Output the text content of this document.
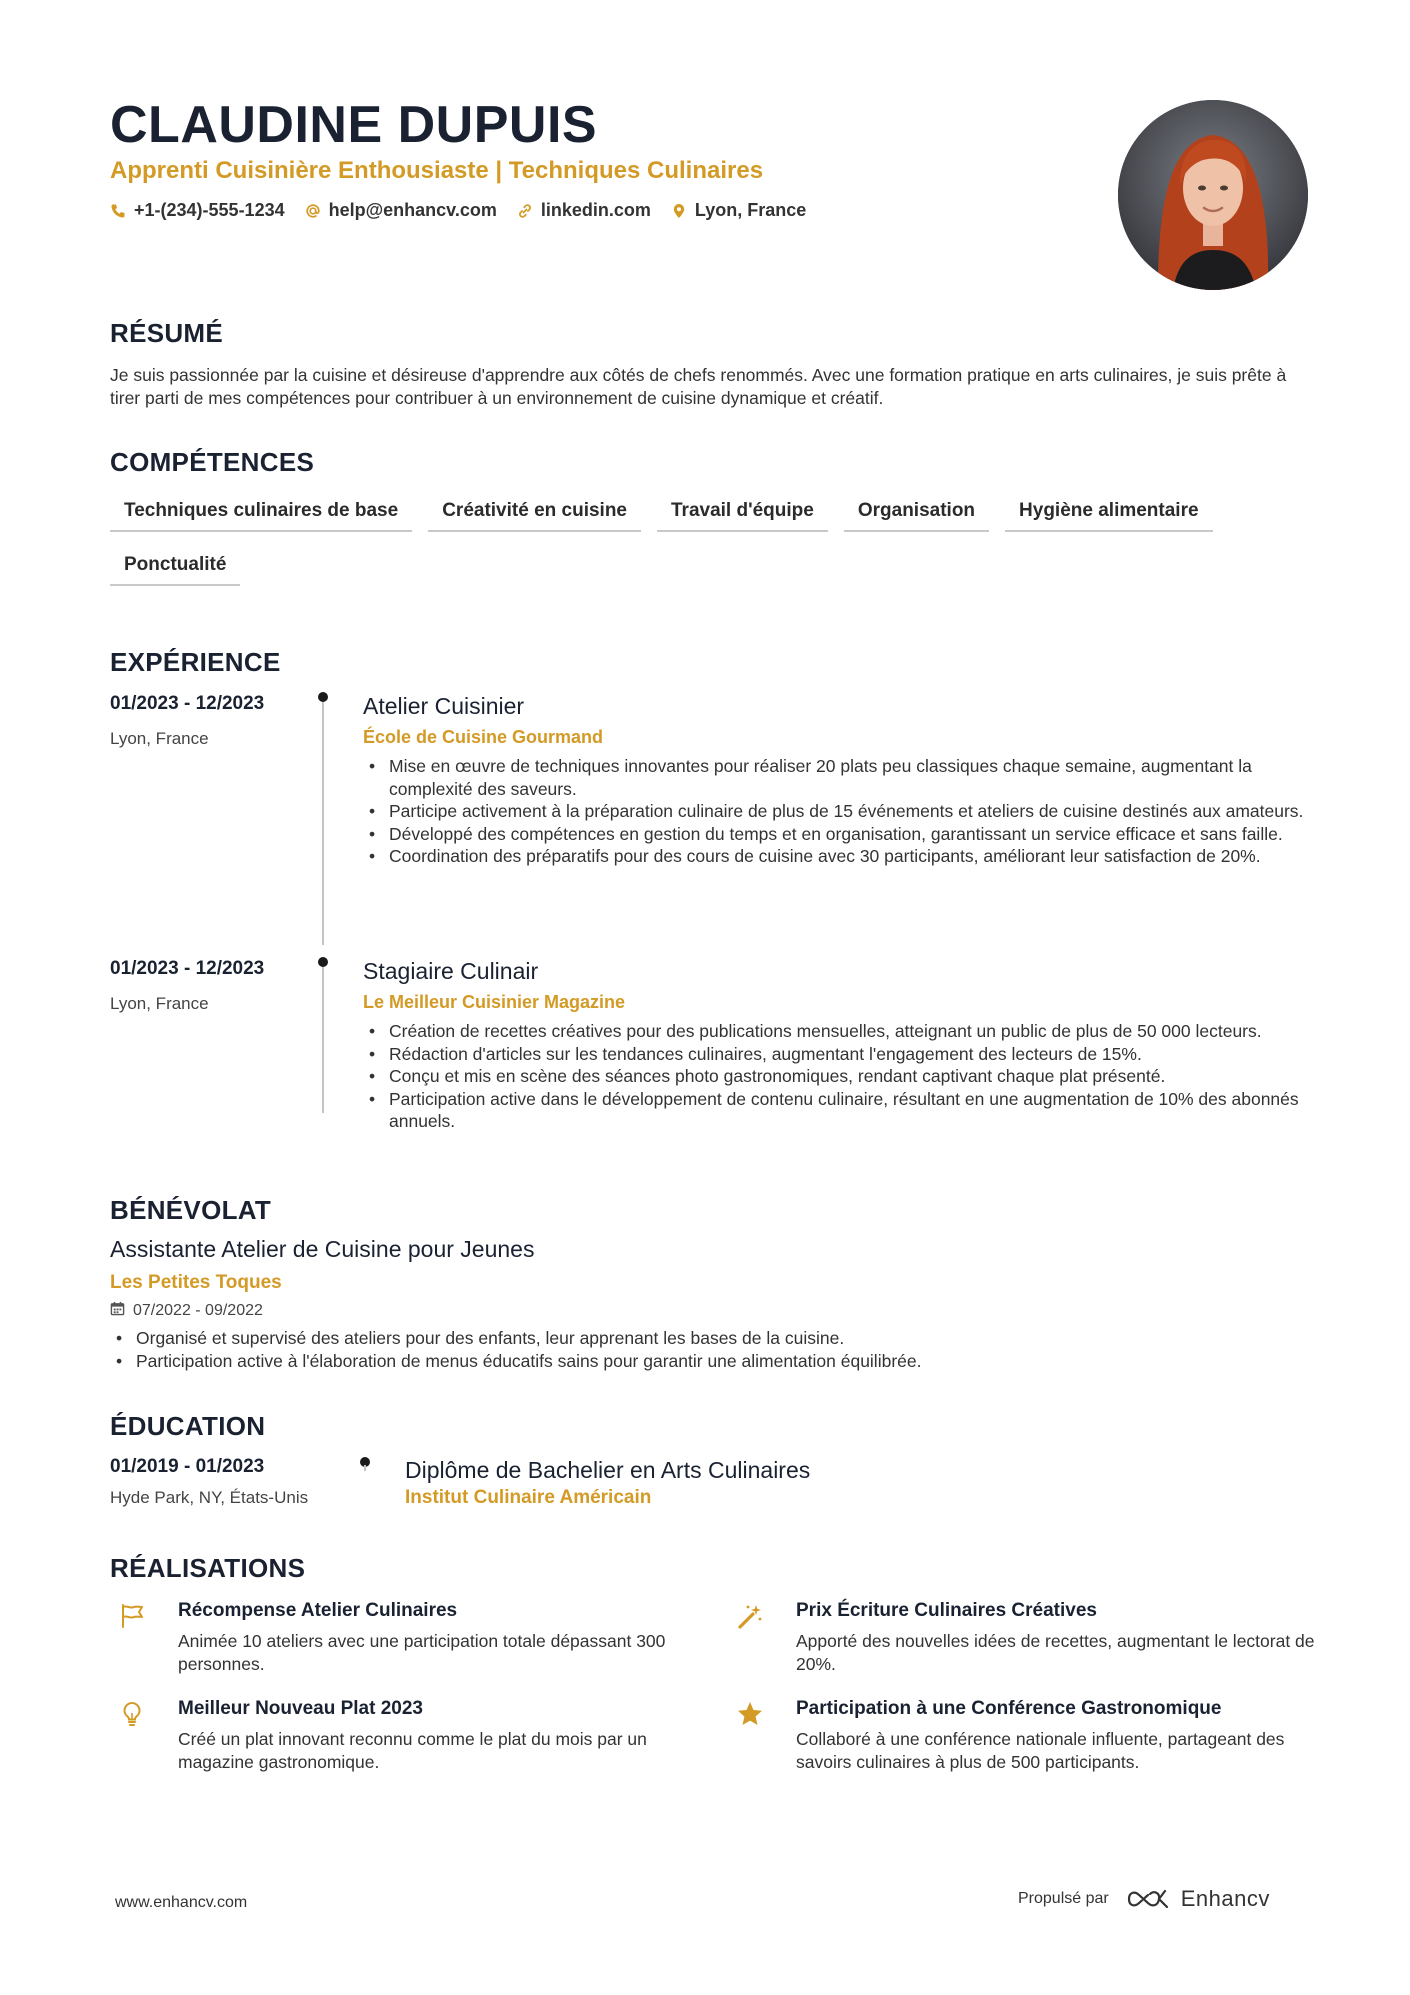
CLAUDINE DUPUIS
Apprenti Cuisinière Enthousiaste | Techniques Culinaires
+1-(234)-555-1234 help@enhancv.com linkedin.com Lyon, France
RÉSUMÉ
Je suis passionnée par la cuisine et désireuse d'apprendre aux côtés de chefs renommés. Avec une formation pratique en arts culinaires, je suis prête à tirer parti de mes compétences pour contribuer à un environnement de cuisine dynamique et créatif.
COMPÉTENCES
Techniques culinaires de base	Créativité en cuisine	Travail d'équipe	Organisation	Hygiène alimentaire
Ponctualité
EXPÉRIENCE
01/2023 - 12/2023
Lyon, France
Atelier Cuisinier
École de Cuisine Gourmand
• Mise en œuvre de techniques innovantes pour réaliser 20 plats peu classiques chaque semaine, augmentant la complexité des saveurs.
• Participe activement à la préparation culinaire de plus de 15 événements et ateliers de cuisine destinés aux amateurs.
• Développé des compétences en gestion du temps et en organisation, garantissant un service efficace et sans faille.
• Coordination des préparatifs pour des cours de cuisine avec 30 participants, améliorant leur satisfaction de 20%.
01/2023 - 12/2023
Lyon, France
Stagiaire Culinair
Le Meilleur Cuisinier Magazine
• Création de recettes créatives pour des publications mensuelles, atteignant un public de plus de 50 000 lecteurs.
• Rédaction d'articles sur les tendances culinaires, augmentant l'engagement des lecteurs de 15%.
• Conçu et mis en scène des séances photo gastronomiques, rendant captivant chaque plat présenté.
• Participation active dans le développement de contenu culinaire, résultant en une augmentation de 10% des abonnés annuels.
BÉNÉVOLAT
Assistante Atelier de Cuisine pour Jeunes
Les Petites Toques
07/2022 - 09/2022
• Organisé et supervisé des ateliers pour des enfants, leur apprenant les bases de la cuisine.
• Participation active à l'élaboration de menus éducatifs sains pour garantir une alimentation équilibrée.
ÉDUCATION
01/2019 - 01/2023
Hyde Park, NY, États-Unis
Diplôme de Bachelier en Arts Culinaires
Institut Culinaire Américain
RÉALISATIONS
Récompense Atelier Culinaires
Animée 10 ateliers avec une participation totale dépassant 300 personnes.
Prix Écriture Culinaires Créatives
Apporté des nouvelles idées de recettes, augmentant le lectorat de 20%.
Meilleur Nouveau Plat 2023
Créé un plat innovant reconnu comme le plat du mois par un magazine gastronomique.
Participation à une Conférence Gastronomique
Collaboré à une conférence nationale influente, partageant des savoirs culinaires à plus de 500 participants.
www.enhancv.com	Propulsé par	Enhancv
